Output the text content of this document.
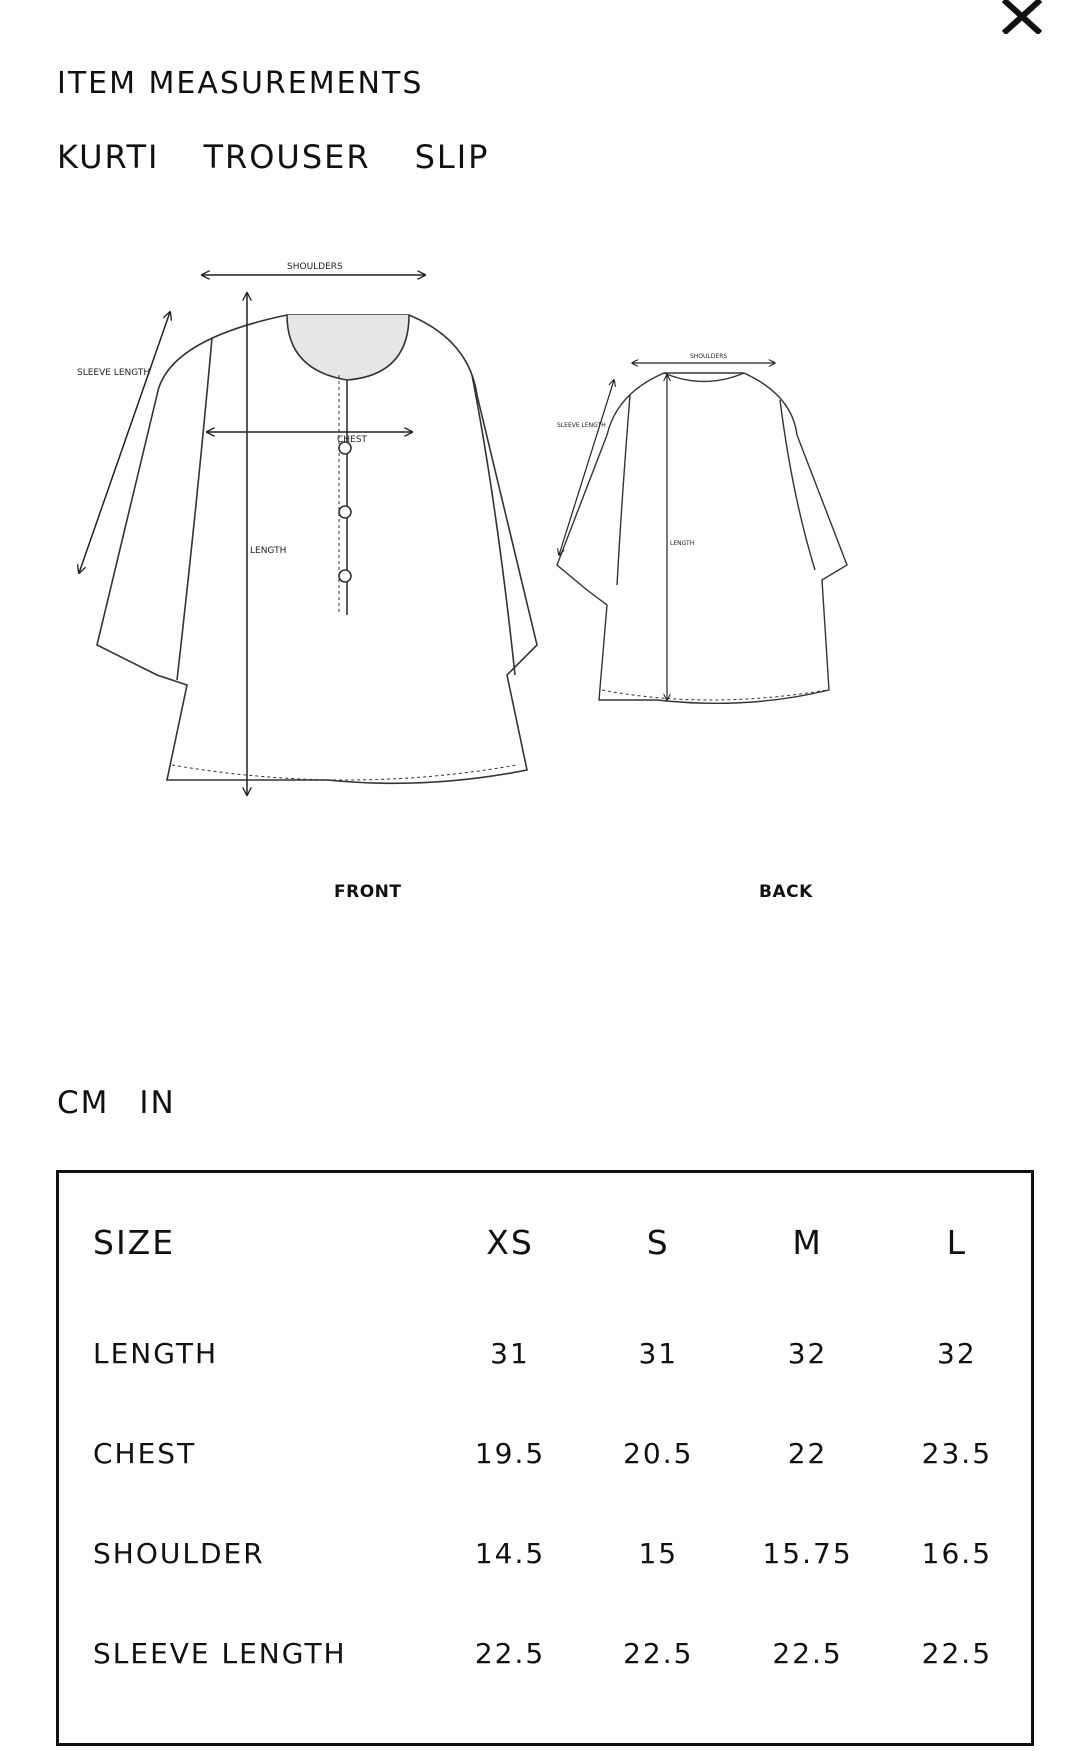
ITEM MEASUREMENTS
KURTI TROUSER SLIP
SHOULDERS
SLEEVE LENGTH
CHEST
LENGTH
SHOULDERS
SLEEVE LENGTH
LENGTH
FRONT	BACK
CM IN
SIZE	XS	S	M	L
LENGTH	31	31	32	32
CHEST	19.5	20.5	22	23.5
SHOULDER	14.5	15	15.75	16.5
SLEEVE LENGTH	22.5	22.5	22.5	22.5
